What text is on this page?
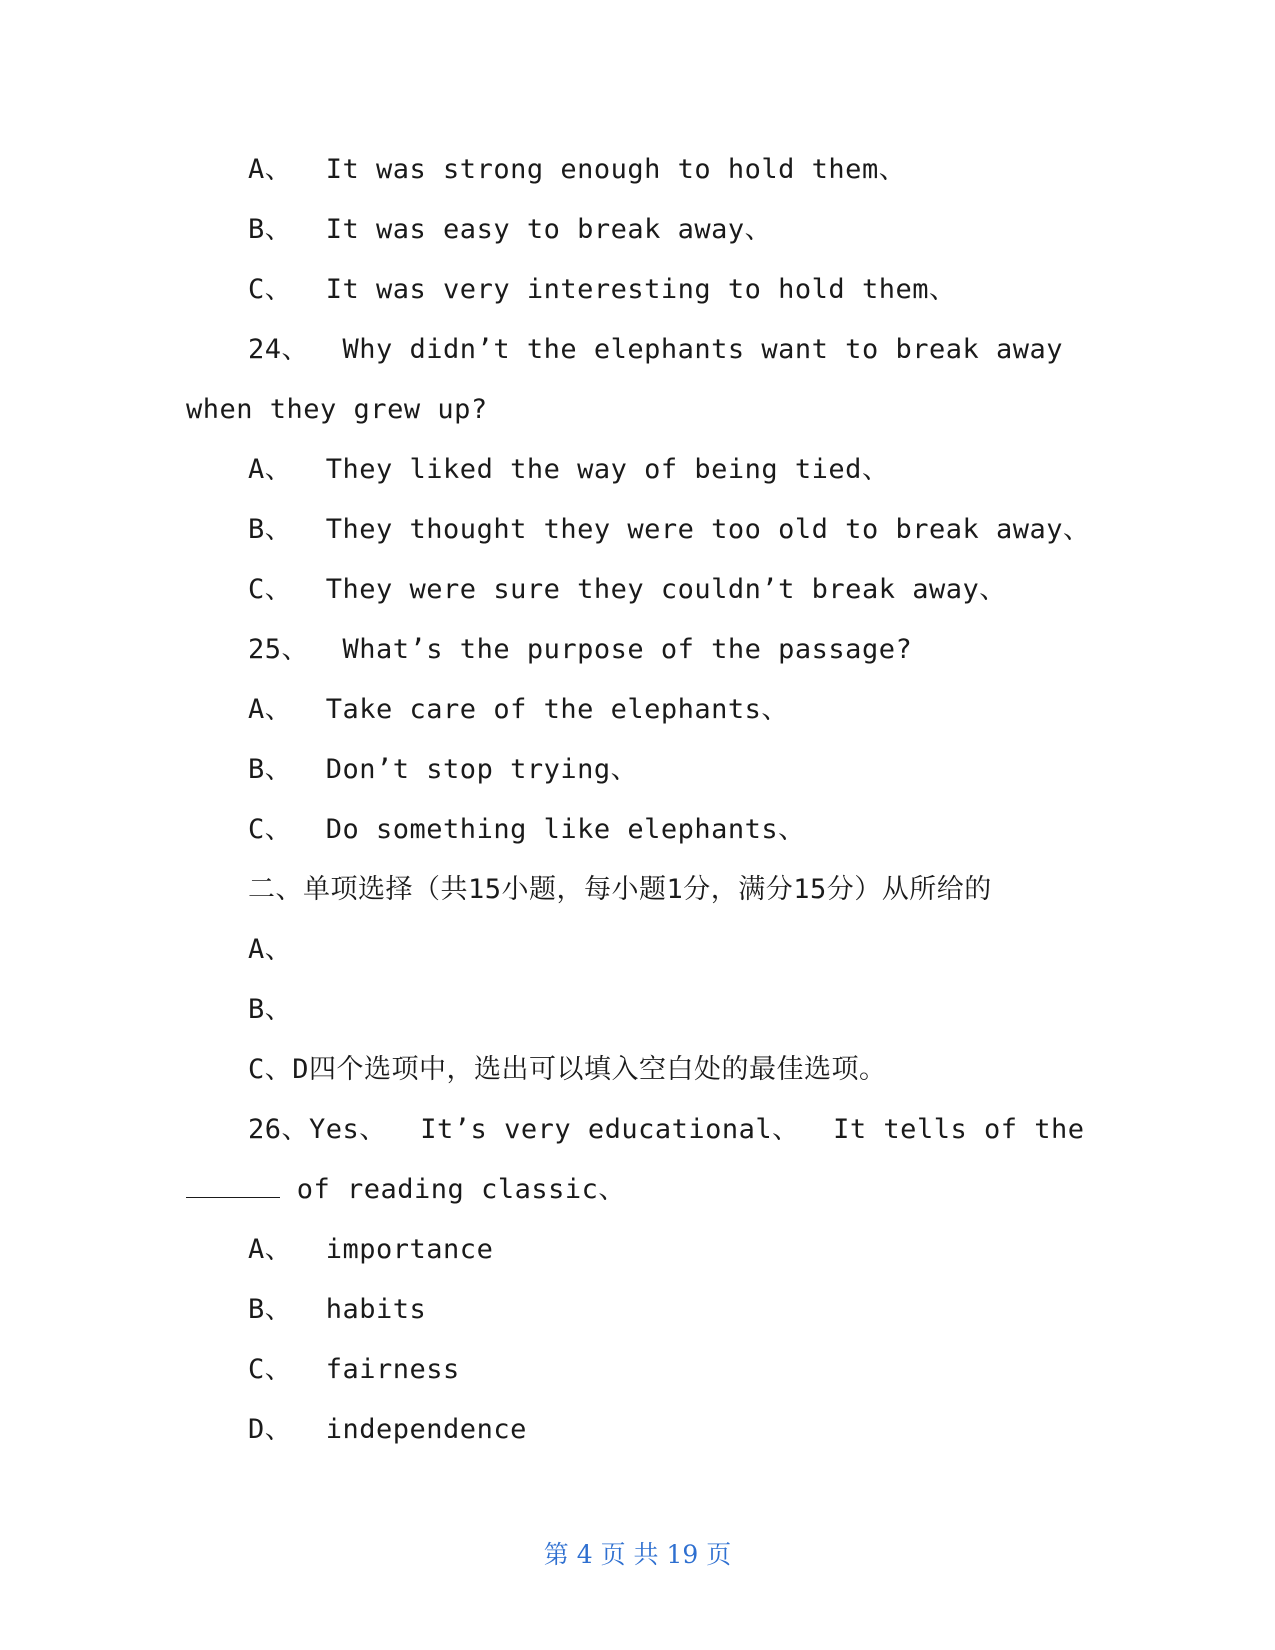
A、  It was strong enough to hold them、
B、  It was easy to break away、
C、  It was very interesting to hold them、
24、  Why didn’t the elephants want to break away
when they grew up?
A、  They liked the way of being tied、
B、  They thought they were too old to break away、
C、  They were sure they couldn’t break away、
25、  What’s the purpose of the passage?
A、  Take care of the elephants、
B、  Don’t stop trying、
C、  Do something like elephants、
二、单项选择（共15小题，每小题1分，满分15分）从所给的
A、
B、
C、D四个选项中，选出可以填入空白处的最佳选项。
26、Yes、  It’s very educational、  It tells of the
of reading classic、
A、  importance
B、  habits
C、  fairness
D、  independence
第 4 页 共 19 页
